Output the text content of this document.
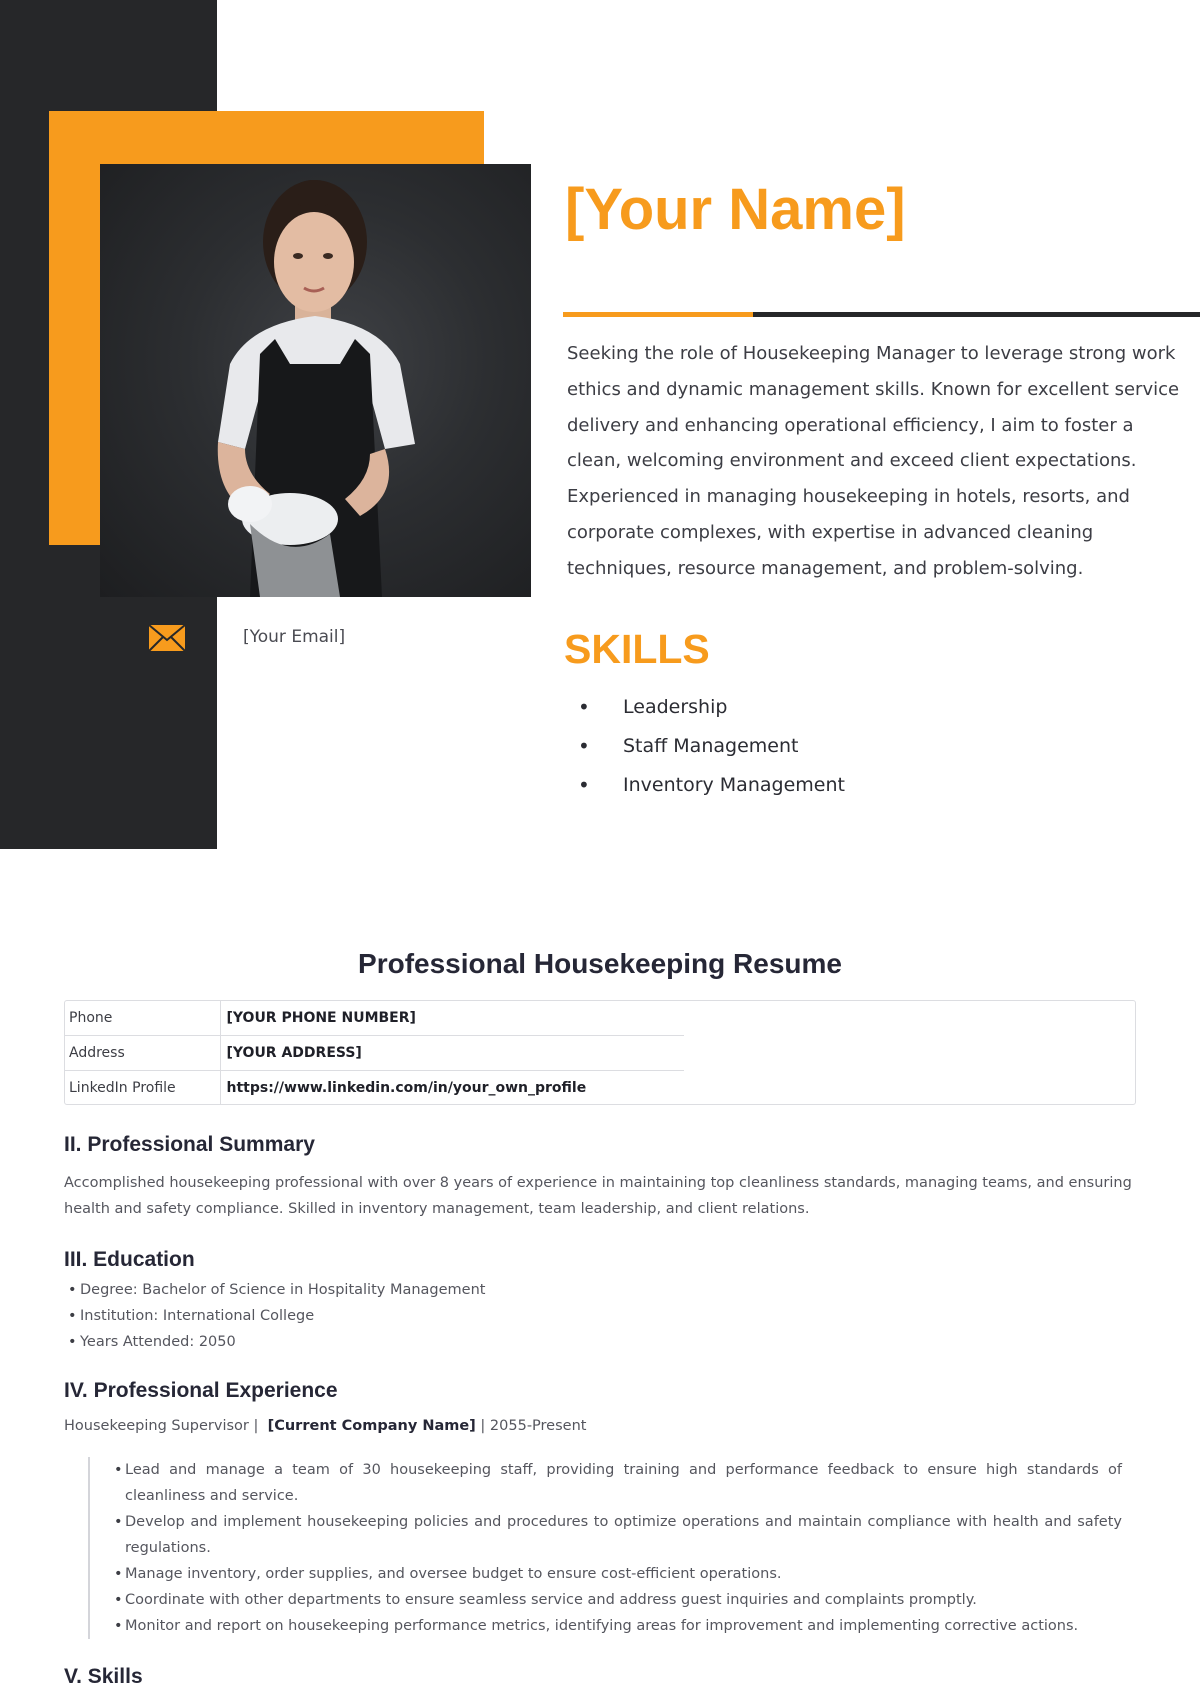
[Your Email]
[Your Name]

Seeking the role of Housekeeping Manager to leverage strong work ethics and dynamic management skills. Known for excellent service delivery and enhancing operational efficiency, I aim to foster a clean, welcoming environment and exceed client expectations. Experienced in managing housekeeping in hotels, resorts, and corporate complexes, with expertise in advanced cleaning techniques, resource management, and problem-solving.

SKILLS
• Leadership
• Staff Management
• Inventory Management
Professional Housekeeping Resume
Phone	[YOUR PHONE NUMBER]
Address	[YOUR ADDRESS]
LinkedIn Profile	https://www.linkedin.com/in/your_own_profile
II. Professional Summary

Accomplished housekeeping professional with over 8 years of experience in maintaining top cleanliness standards, managing teams, and ensuring health and safety compliance. Skilled in inventory management, team leadership, and client relations.

III. Education
• Degree: Bachelor of Science in Hospitality Management
• Institution: International College
• Years Attended: 2050
IV. Professional Experience
Housekeeping Supervisor | [Current Company Name] | 2055-Present
• Lead and manage a team of 30 housekeeping staff, providing training and performance feedback to ensure high standards of cleanliness and service.
• Develop and implement housekeeping policies and procedures to optimize operations and maintain compliance with health and safety regulations.
• Manage inventory, order supplies, and oversee budget to ensure cost-efficient operations.
• Coordinate with other departments to ensure seamless service and address guest inquiries and complaints promptly.
• Monitor and report on housekeeping performance metrics, identifying areas for improvement and implementing corrective actions.
V. Skills
